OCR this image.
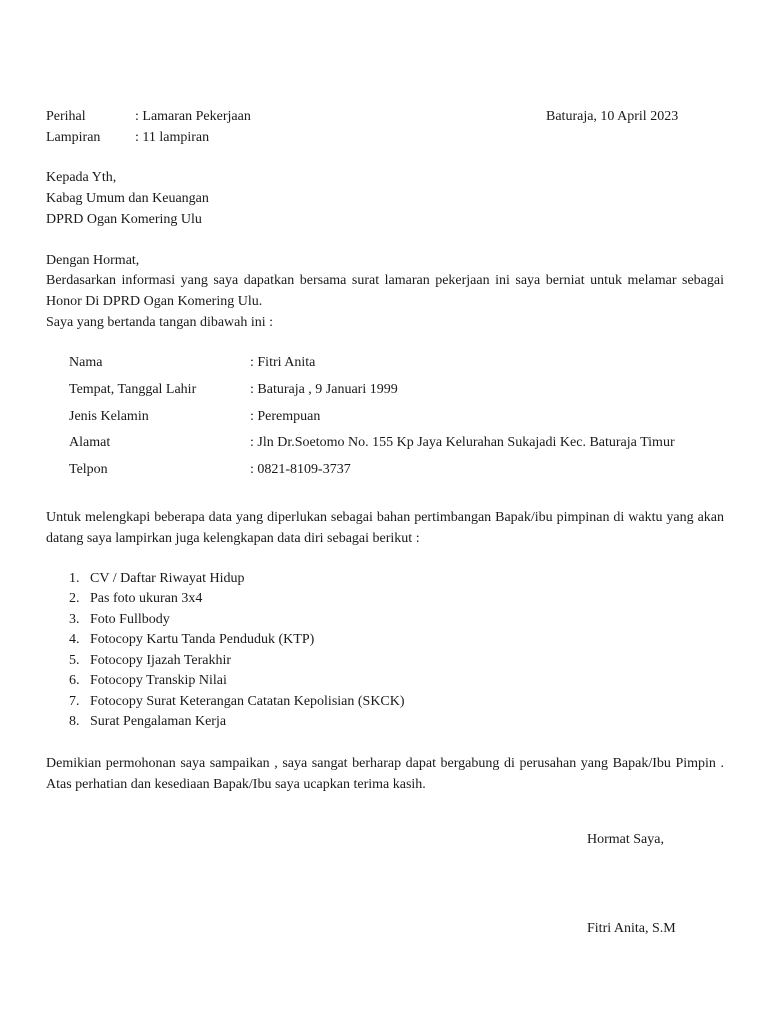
Perihal	: Lamaran Pekerjaan	Baturaja, 10 April 2023
Lampiran : 11 lampiran
Kepada Yth,
Kabag Umum dan Keuangan
DPRD Ogan Komering Ulu
Dengan Hormat,
Berdasarkan informasi yang saya dapatkan bersama surat lamaran pekerjaan ini saya berniat untuk melamar sebagai Honor Di DPRD Ogan Komering Ulu.
Saya yang bertanda tangan dibawah ini :
Nama	: Fitri Anita
Tempat, Tanggal Lahir	: Baturaja , 9 Januari 1999
Jenis Kelamin	: Perempuan
Alamat	: Jln Dr.Soetomo No. 155 Kp Jaya Kelurahan Sukajadi Kec. Baturaja Timur
Telpon	: 0821-8109-3737
Untuk melengkapi beberapa data yang diperlukan sebagai bahan pertimbangan Bapak/ibu pimpinan di waktu yang akan datang saya lampirkan juga kelengkapan data diri sebagai berikut :
1. CV / Daftar Riwayat Hidup
2. Pas foto ukuran 3x4
3. Foto Fullbody
4. Fotocopy Kartu Tanda Penduduk (KTP)
5. Fotocopy Ijazah Terakhir
6. Fotocopy Transkip Nilai
7. Fotocopy Surat Keterangan Catatan Kepolisian (SKCK)
8. Surat Pengalaman Kerja
Demikian permohonan saya sampaikan , saya sangat berharap dapat bergabung di perusahan yang Bapak/Ibu Pimpin . Atas perhatian dan kesediaan Bapak/Ibu saya ucapkan terima kasih.
Hormat Saya,
Fitri Anita, S.M
